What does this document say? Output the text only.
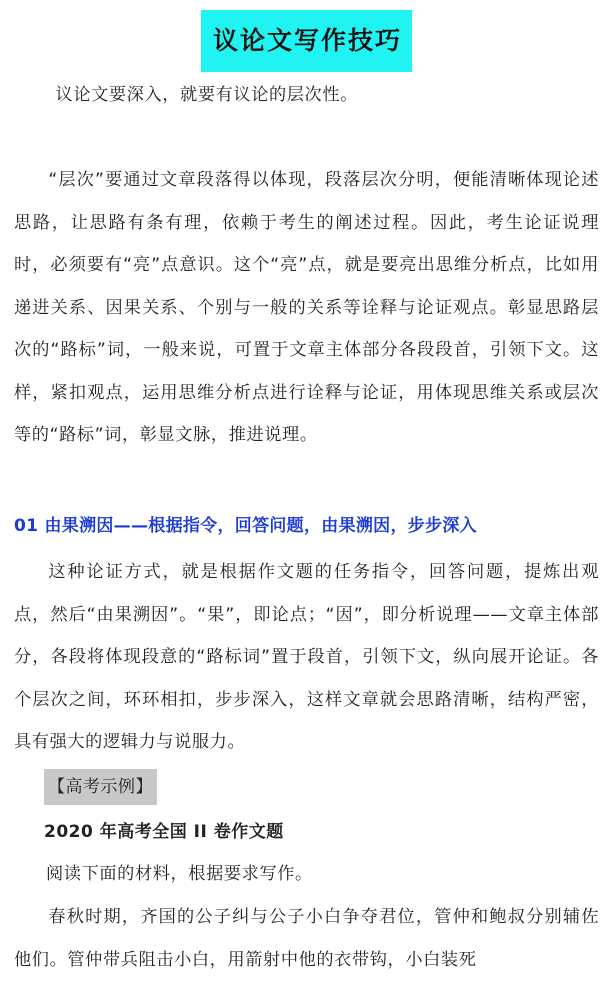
议论文写作技巧

议论文要深入，就要有议论的层次性。

“层次”要通过文章段落得以体现，段落层次分明，便能清晰体现论述思路，让思路有条有理，依赖于考生的阐述过程。因此，考生论证说理时，必须要有“亮”点意识。这个“亮”点，就是要亮出思维分析点，比如用递进关系、因果关系、个别与一般的关系等诠释与论证观点。彰显思路层次的“路标”词，一般来说，可置于文章主体部分各段段首，引领下文。这样，紧扣观点，运用思维分析点进行诠释与论证，用体现思维关系或层次等的“路标”词，彰显文脉，推进说理。

01 由果溯因——根据指令，回答问题，由果溯因，步步深入

这种论证方式，就是根据作文题的任务指令，回答问题，提炼出观点，然后“由果溯因”。“果”，即论点；“因”，即分析说理——文章主体部分，各段将体现段意的“路标词”置于段首，引领下文，纵向展开论证。各个层次之间，环环相扣，步步深入，这样文章就会思路清晰，结构严密，具有强大的逻辑力与说服力。

【高考示例】
2020 年高考全国 II 卷作文题

阅读下面的材料，根据要求写作。

春秋时期，齐国的公子纠与公子小白争夺君位，管仲和鲍叔分别辅佐他们。管仲带兵阻击小白，用箭射中他的衣带钩，小白装死
